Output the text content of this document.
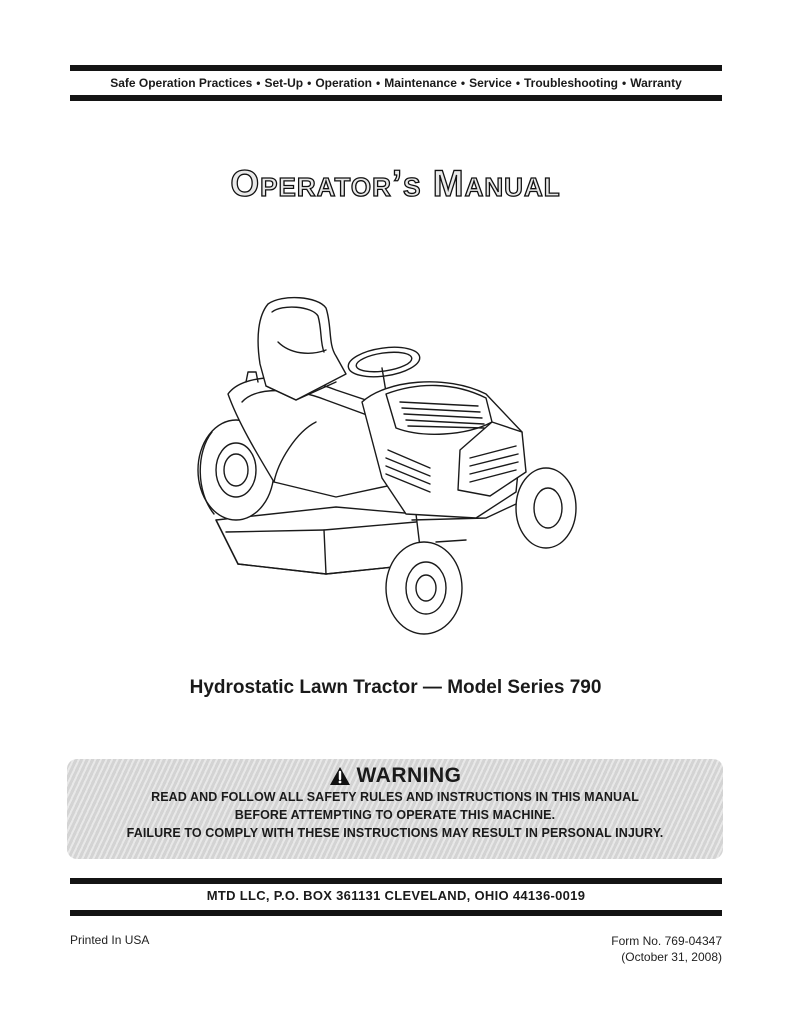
Safe Operation Practices • Set-Up • Operation • Maintenance • Service • Troubleshooting • Warranty
Operator’s Manual
Hydrostatic Lawn Tractor — Model Series 790
WARNING
READ AND FOLLOW ALL SAFETY RULES AND INSTRUCTIONS IN THIS MANUAL
BEFORE ATTEMPTING TO OPERATE THIS MACHINE.
FAILURE TO COMPLY WITH THESE INSTRUCTIONS MAY RESULT IN PERSONAL INJURY.
MTD LLC, P.O. BOX 361131 CLEVELAND, OHIO 44136-0019
Printed In USA	Form No. 769-04347
(October 31, 2008)
